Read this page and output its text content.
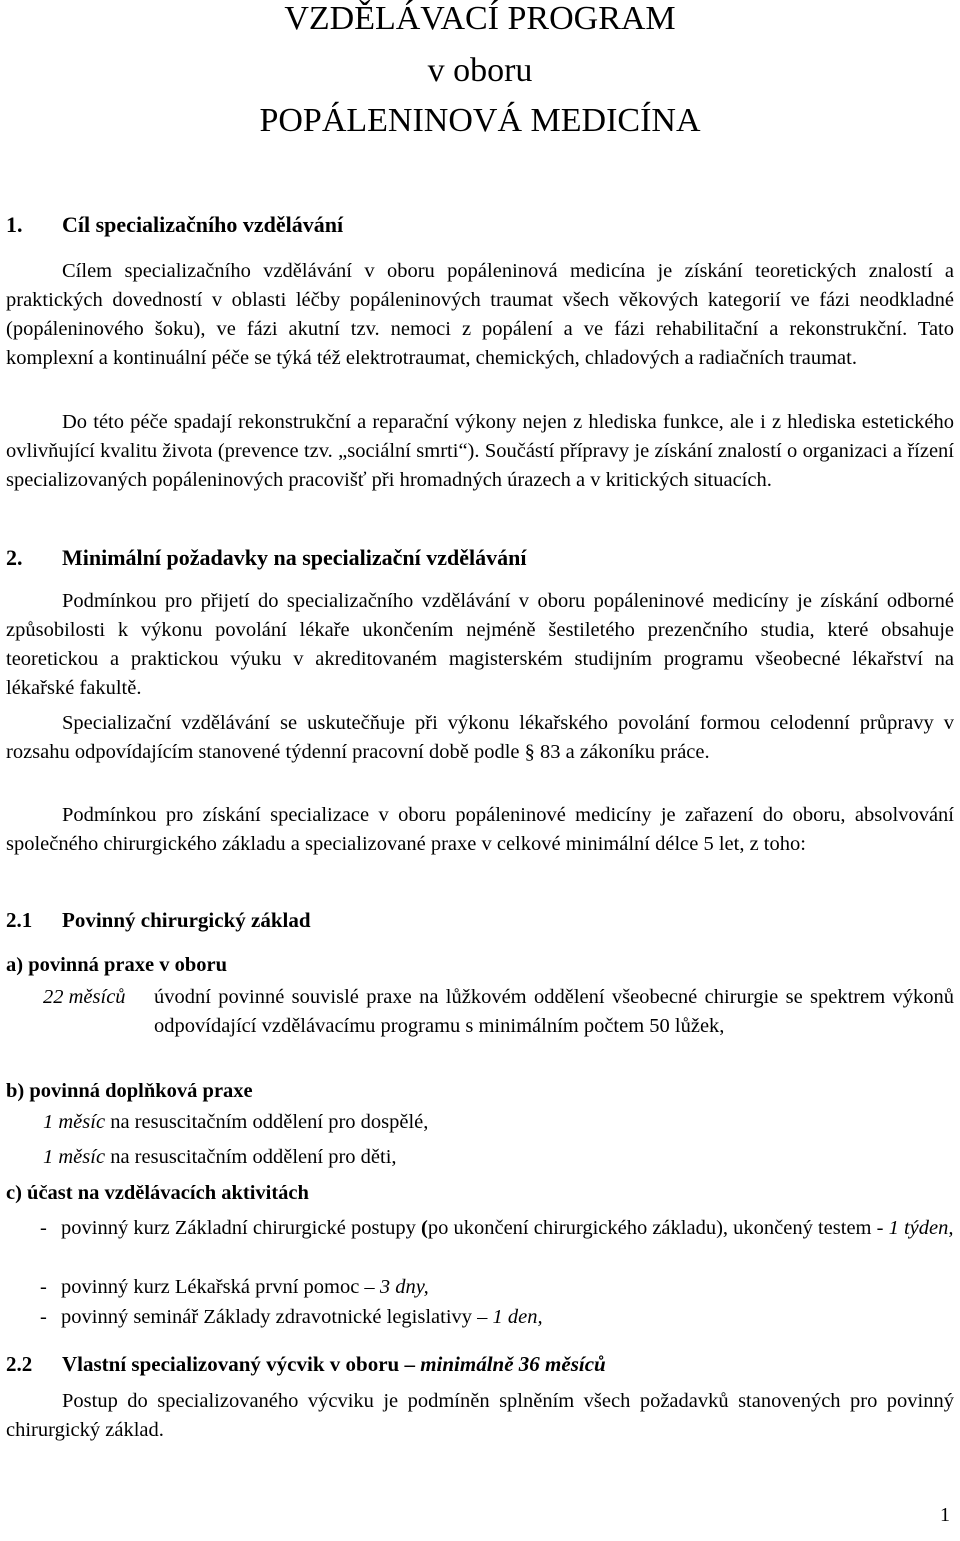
VZDĚLÁVACÍ PROGRAM
v oboru
POPÁLENINOVÁ MEDICÍNA
1. Cíl specializačního vzdělávání

Cílem specializačního vzdělávání v oboru popáleninová medicína je získání teoretických znalostí a praktických dovedností v oblasti léčby popáleninových traumat všech věkových kategorií ve fázi neodkladné (popáleninového šoku), ve fázi akutní tzv. nemoci z popálení a ve fázi rehabilitační a rekonstrukční. Tato komplexní a kontinuální péče se týká též elektrotraumat, chemických, chladových a radiačních traumat.

Do této péče spadají rekonstrukční a reparační výkony nejen z hlediska funkce, ale i z hlediska estetického ovlivňující kvalitu života (prevence tzv. „sociální smrti“). Součástí přípravy je získání znalostí o organizaci a řízení specializovaných popáleninových pracovišť při hromadných úrazech a v kritických situacích.

2. Minimální požadavky na specializační vzdělávání

Podmínkou pro přijetí do specializačního vzdělávání v oboru popáleninové medicíny je získání odborné způsobilosti k výkonu povolání lékaře ukončením nejméně šestiletého prezenčního studia, které obsahuje teoretickou a praktickou výuku v akreditovaném magisterském studijním programu všeobecné lékařství na lékařské fakultě.

Specializační vzdělávání se uskutečňuje při výkonu lékařského povolání formou celodenní průpravy v rozsahu odpovídajícím stanovené týdenní pracovní době podle § 83 a zákoníku práce.

Podmínkou pro získání specializace v oboru popáleninové medicíny je zařazení do oboru, absolvování společného chirurgického základu a specializované praxe v celkové minimální délce 5 let, z toho:

2.1 Povinný chirurgický základ
a) povinná praxe v oboru
22 měsíců úvodní povinné souvislé praxe na lůžkovém oddělení všeobecné chirurgie se spektrem výkonů odpovídající vzdělávacímu programu s minimálním počtem 50 lůžek,

b) povinná doplňková praxe
1 měsíc na resuscitačním oddělení pro dospělé,
1 měsíc na resuscitačním oddělení pro děti,
c) účast na vzdělávacích aktivitách
- povinný kurz Základní chirurgické postupy (po ukončení chirurgického základu), ukončený testem - 1 týden,

- povinný kurz Lékařská první pomoc – 3 dny,
- povinný seminář Základy zdravotnické legislativy – 1 den,
2.2 Vlastní specializovaný výcvik v oboru – minimálně 36 měsíců

Postup do specializovaného výcviku je podmíněn splněním všech požadavků stanovených pro povinný chirurgický základ.

1
